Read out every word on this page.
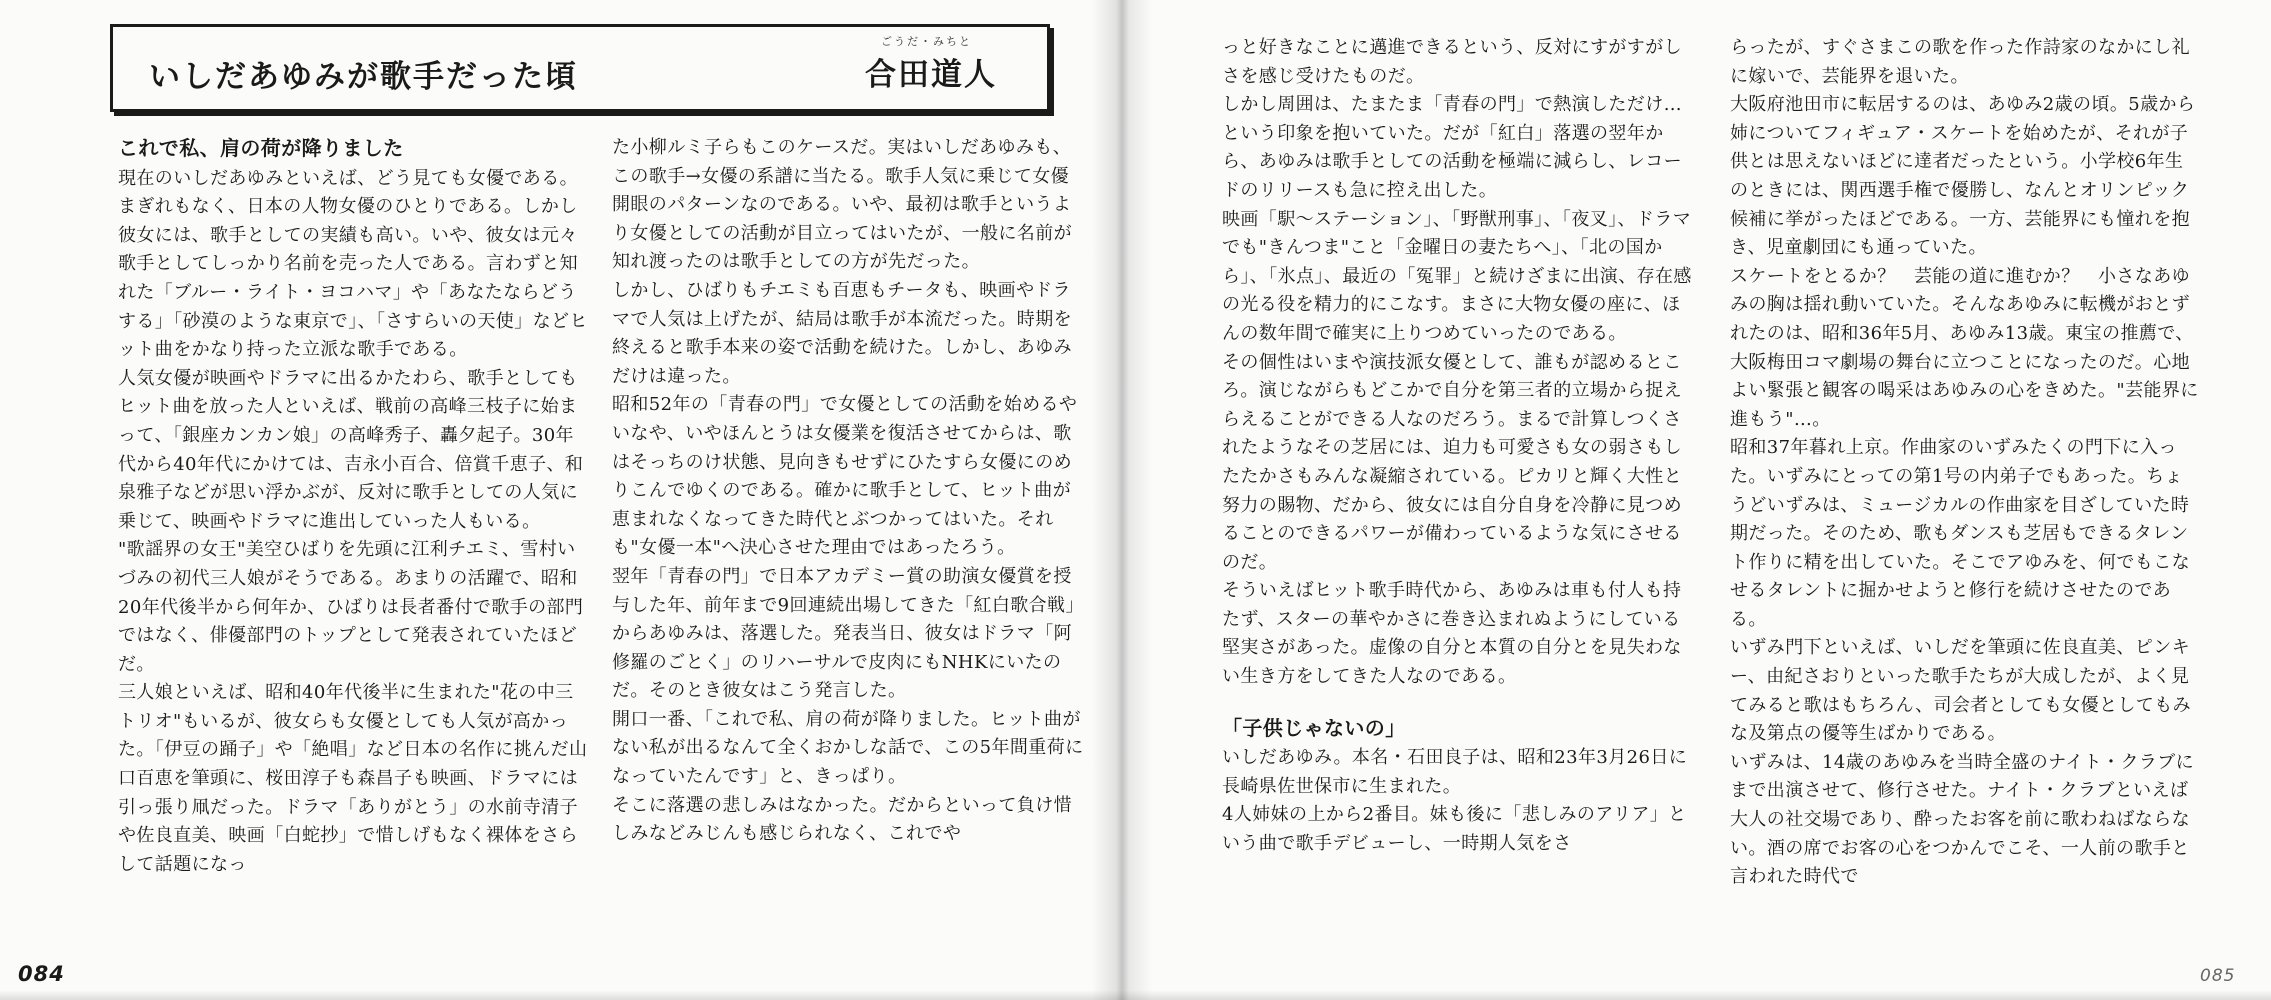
いしだあゆみが歌手だった頃
ごうだ・みちと
合田道人
これで私、肩の荷が降りました

現在のいしだあゆみといえば、どう見ても女優である。まぎれもなく、日本の人物女優のひとりである。しかし彼女には、歌手としての実績も高い。いや、彼女は元々歌手としてしっかり名前を売った人である。言わずと知れた「ブルー・ライト・ヨコハマ」や「あなたならどうする」「砂漠のような東京で」、「さすらいの天使」などヒット曲をかなり持った立派な歌手である。

人気女優が映画やドラマに出るかたわら、歌手としてもヒット曲を放った人といえば、戦前の高峰三枝子に始まって、「銀座カンカン娘」の高峰秀子、轟夕起子。30年代から40年代にかけては、吉永小百合、倍賞千恵子、和泉雅子などが思い浮かぶが、反対に歌手としての人気に乗じて、映画やドラマに進出していった人もいる。

"歌謡界の女王"美空ひばりを先頭に江利チエミ、雪村いづみの初代三人娘がそうである。あまりの活躍で、昭和20年代後半から何年か、ひばりは長者番付で歌手の部門ではなく、俳優部門のトップとして発表されていたほどだ。

三人娘といえば、昭和40年代後半に生まれた"花の中三トリオ"もいるが、彼女らも女優としても人気が高かった。「伊豆の踊子」や「絶唱」など日本の名作に挑んだ山口百恵を筆頭に、桜田淳子も森昌子も映画、ドラマには引っ張り凧だった。ドラマ「ありがとう」の水前寺清子や佐良直美、映画「白蛇抄」で惜しげもなく裸体をさらして話題になっ

た小柳ルミ子らもこのケースだ。実はいしだあゆみも、この歌手→女優の系譜に当たる。歌手人気に乗じて女優開眼のパターンなのである。いや、最初は歌手というより女優としての活動が目立ってはいたが、一般に名前が知れ渡ったのは歌手としての方が先だった。

しかし、ひばりもチエミも百恵もチータも、映画やドラマで人気は上げたが、結局は歌手が本流だった。時期を終えると歌手本来の姿で活動を続けた。しかし、あゆみだけは違った。

昭和52年の「青春の門」で女優としての活動を始めるやいなや、いやほんとうは女優業を復活させてからは、歌はそっちのけ状態、見向きもせずにひたすら女優にのめりこんでゆくのである。確かに歌手として、ヒット曲が恵まれなくなってきた時代とぶつかってはいた。それも"女優一本"へ決心させた理由ではあったろう。

翌年「青春の門」で日本アカデミー賞の助演女優賞を授与した年、前年まで9回連続出場してきた「紅白歌合戦」からあゆみは、落選した。発表当日、彼女はドラマ「阿修羅のごとく」のリハーサルで皮肉にもNHKにいたのだ。そのとき彼女はこう発言した。

開口一番、「これで私、肩の荷が降りました。ヒット曲がない私が出るなんて全くおかしな話で、この5年間重荷になっていたんです」と、きっぱり。

そこに落選の悲しみはなかった。だからといって負け惜しみなどみじんも感じられなく、これでや

084

っと好きなことに邁進できるという、反対にすがすがしさを感じ受けたものだ。

しかし周囲は、たまたま「青春の門」で熱演しただけ…という印象を抱いていた。だが「紅白」落選の翌年から、あゆみは歌手としての活動を極端に減らし、レコードのリリースも急に控え出した。

映画「駅〜ステーション」、「野獣刑事」、「夜叉」、ドラマでも"きんつま"こと「金曜日の妻たちへ」、「北の国から」、「氷点」、最近の「冤罪」と続けざまに出演、存在感の光る役を精力的にこなす。まさに大物女優の座に、ほんの数年間で確実に上りつめていったのである。

その個性はいまや演技派女優として、誰もが認めるところ。演じながらもどこかで自分を第三者的立場から捉えらえることができる人なのだろう。まるで計算しつくされたようなその芝居には、迫力も可愛さも女の弱さもしたたかさもみんな凝縮されている。ピカリと輝く大性と努力の賜物、だから、彼女には自分自身を冷静に見つめることのできるパワーが備わっているような気にさせるのだ。

そういえばヒット歌手時代から、あゆみは車も付人も持たず、スターの華やかさに巻き込まれぬようにしている堅実さがあった。虚像の自分と本質の自分とを見失わない生き方をしてきた人なのである。

「子供じゃないの」

いしだあゆみ。本名・石田良子は、昭和23年3月26日に長崎県佐世保市に生まれた。

4人姉妹の上から2番目。妹も後に「悲しみのアリア」という曲で歌手デビューし、一時期人気をさ

らったが、すぐさまこの歌を作った作詩家のなかにし礼に嫁いで、芸能界を退いた。

大阪府池田市に転居するのは、あゆみ2歳の頃。5歳から姉についてフィギュア・スケートを始めたが、それが子供とは思えないほどに達者だったという。小学校6年生のときには、関西選手権で優勝し、なんとオリンピック候補に挙がったほどである。一方、芸能界にも憧れを抱き、児童劇団にも通っていた。

スケートをとるか？　芸能の道に進むか？　小さなあゆみの胸は揺れ動いていた。そんなあゆみに転機がおとずれたのは、昭和36年5月、あゆみ13歳。東宝の推薦で、大阪梅田コマ劇場の舞台に立つことになったのだ。心地よい緊張と観客の喝采はあゆみの心をきめた。"芸能界に進もう"…。

昭和37年暮れ上京。作曲家のいずみたくの門下に入った。いずみにとっての第1号の内弟子でもあった。ちょうどいずみは、ミュージカルの作曲家を目ざしていた時期だった。そのため、歌もダンスも芝居もできるタレント作りに精を出していた。そこでアゆみを、何でもこなせるタレントに掘かせようと修行を続けさせたのである。

いずみ門下といえば、いしだを筆頭に佐良直美、ピンキー、由紀さおりといった歌手たちが大成したが、よく見てみると歌はもちろん、司会者としても女優としてもみな及第点の優等生ばかりである。

いずみは、14歳のあゆみを当時全盛のナイト・クラブにまで出演させて、修行させた。ナイト・クラブといえば大人の社交場であり、酔ったお客を前に歌わねばならない。酒の席でお客の心をつかんでこそ、一人前の歌手と言われた時代で

085
